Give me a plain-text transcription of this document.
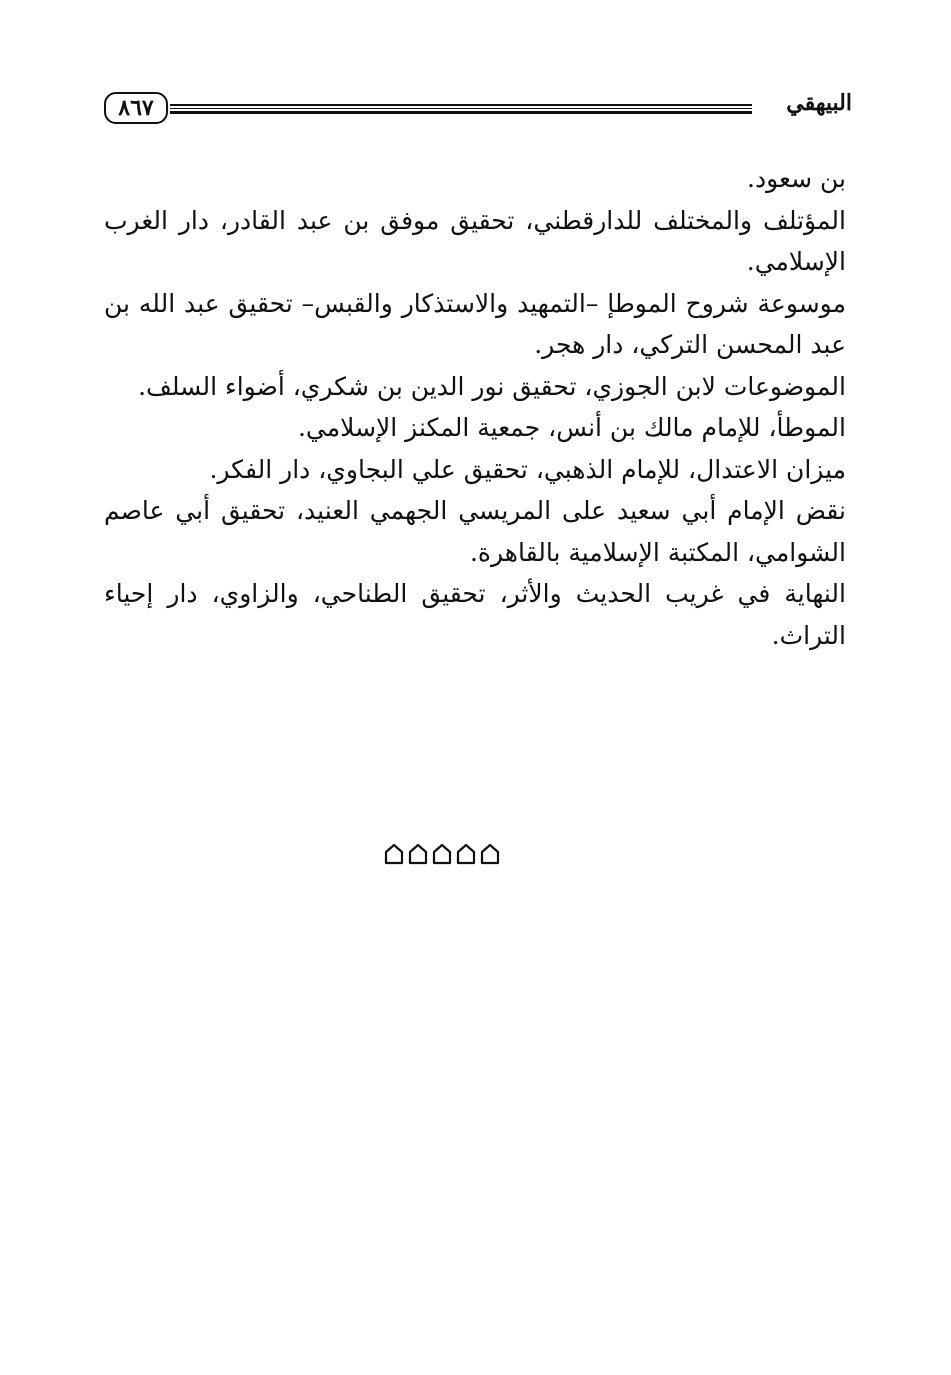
٨٦٧	البيهقي

بن سعود.

المؤتلف والمختلف للدارقطني، تحقيق موفق بن عبد القادر، دار الغرب الإسلامي.

موسوعة شروح الموطإ –التمهيد والاستذكار والقبس– تحقيق عبد الله بن عبد المحسن التركي، دار هجر.

الموضوعات لابن الجوزي، تحقيق نور الدين بن شكري، أضواء السلف.

الموطأ، للإمام مالك بن أنس، جمعية المكنز الإسلامي.

ميزان الاعتدال، للإمام الذهبي، تحقيق علي البجاوي، دار الفكر.

نقض الإمام أبي سعيد على المريسي الجهمي العنيد، تحقيق أبي عاصم الشوامي، المكتبة الإسلامية بالقاهرة.

النهاية في غريب الحديث والأثر، تحقيق الطناحي، والزاوي، دار إحياء التراث.
